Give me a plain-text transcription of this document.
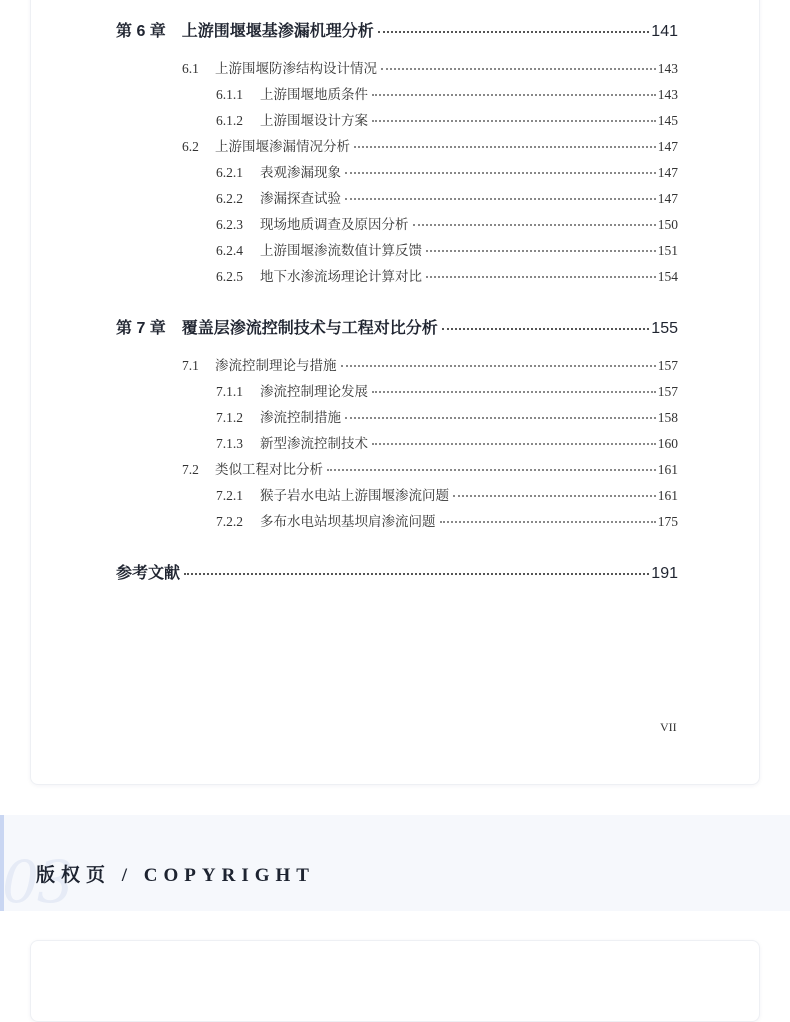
第 6 章 上游围堰堰基渗漏机理分析	141
6.1	上游围堰防渗结构设计情况	143
6.1.1	上游围堰地质条件	143
6.1.2	上游围堰设计方案	145
6.2	上游围堰渗漏情况分析	147
6.2.1	表观渗漏现象	147
6.2.2	渗漏探查试验	147
6.2.3	现场地质调查及原因分析	150
6.2.4	上游围堰渗流数值计算反馈	151
6.2.5	地下水渗流场理论计算对比	154
第 7 章 覆盖层渗流控制技术与工程对比分析	155
7.1	渗流控制理论与措施	157
7.1.1	渗流控制理论发展	157
7.1.2	渗流控制措施	158
7.1.3	新型渗流控制技术	160
7.2	类似工程对比分析	161
7.2.1	猴子岩水电站上游围堰渗流问题	161
7.2.2	多布水电站坝基坝肩渗流问题	175
参考文献	191
VII
03
版权页 / COPYRIGHT
